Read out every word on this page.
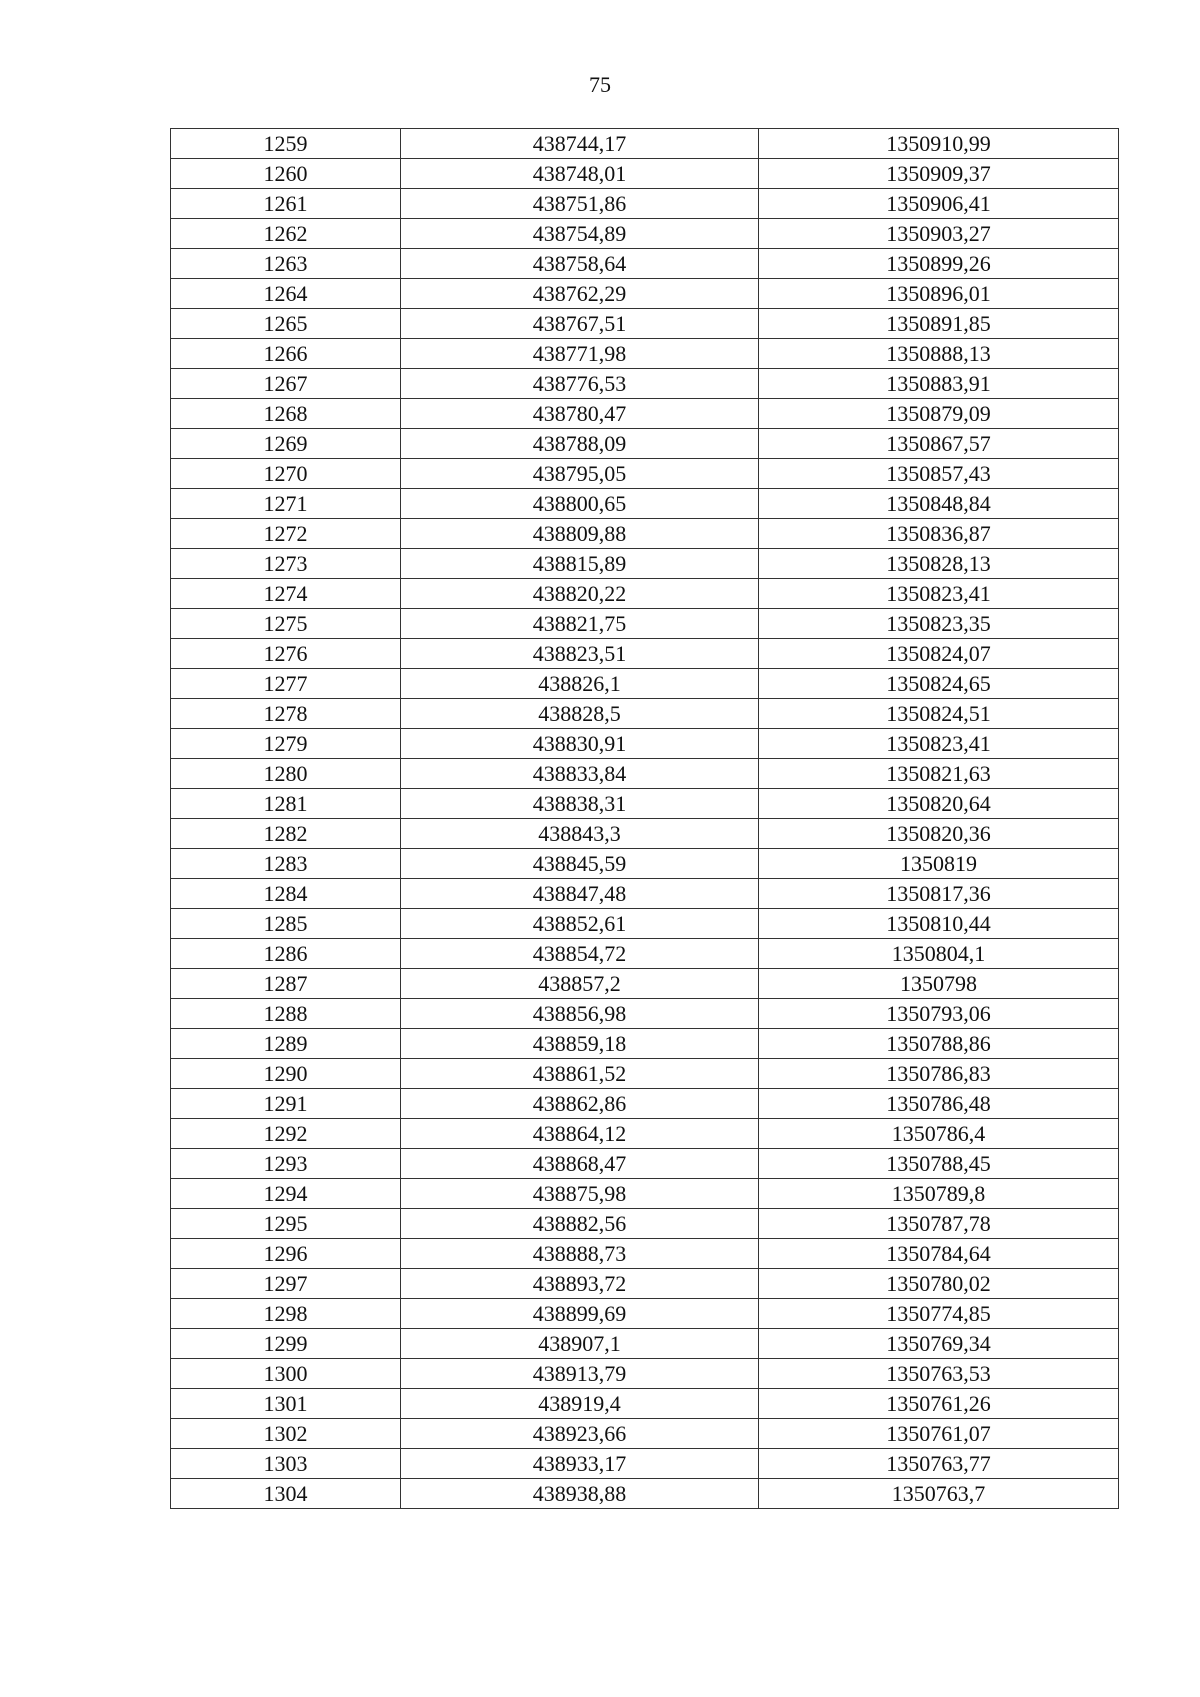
75
1259	438744,17	1350910,99
1260	438748,01	1350909,37
1261	438751,86	1350906,41
1262	438754,89	1350903,27
1263	438758,64	1350899,26
1264	438762,29	1350896,01
1265	438767,51	1350891,85
1266	438771,98	1350888,13
1267	438776,53	1350883,91
1268	438780,47	1350879,09
1269	438788,09	1350867,57
1270	438795,05	1350857,43
1271	438800,65	1350848,84
1272	438809,88	1350836,87
1273	438815,89	1350828,13
1274	438820,22	1350823,41
1275	438821,75	1350823,35
1276	438823,51	1350824,07
1277	438826,1	1350824,65
1278	438828,5	1350824,51
1279	438830,91	1350823,41
1280	438833,84	1350821,63
1281	438838,31	1350820,64
1282	438843,3	1350820,36
1283	438845,59	1350819
1284	438847,48	1350817,36
1285	438852,61	1350810,44
1286	438854,72	1350804,1
1287	438857,2	1350798
1288	438856,98	1350793,06
1289	438859,18	1350788,86
1290	438861,52	1350786,83
1291	438862,86	1350786,48
1292	438864,12	1350786,4
1293	438868,47	1350788,45
1294	438875,98	1350789,8
1295	438882,56	1350787,78
1296	438888,73	1350784,64
1297	438893,72	1350780,02
1298	438899,69	1350774,85
1299	438907,1	1350769,34
1300	438913,79	1350763,53
1301	438919,4	1350761,26
1302	438923,66	1350761,07
1303	438933,17	1350763,77
1304	438938,88	1350763,7
